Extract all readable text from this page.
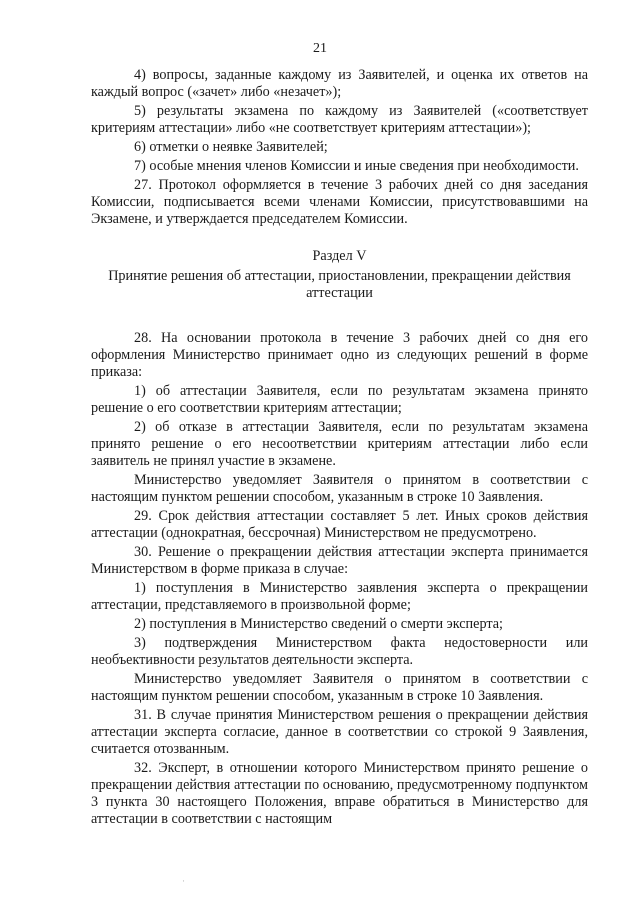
21

4) вопросы, заданные каждому из Заявителей, и оценка их ответов на каждый вопрос («зачет» либо «незачет»);

5) результаты экзамена по каждому из Заявителей («соответствует критериям аттестации» либо «не соответствует критериям аттестации»);

6) отметки о неявке Заявителей;

7) особые мнения членов Комиссии и иные сведения при необходимости.

27. Протокол оформляется в течение 3 рабочих дней со дня заседания Комиссии, подписывается всеми членами Комиссии, присутствовавшими на Экзамене, и утверждается председателем Комиссии.

Раздел V
Принятие решения об аттестации, приостановлении, прекращении действия аттестации

28. На основании протокола в течение 3 рабочих дней со дня его оформления Министерство принимает одно из следующих решений в форме приказа:

1) об аттестации Заявителя, если по результатам экзамена принято решение о его соответствии критериям аттестации;

2) об отказе в аттестации Заявителя, если по результатам экзамена принято решение о его несоответствии критериям аттестации либо если заявитель не принял участие в экзамене.

Министерство уведомляет Заявителя о принятом в соответствии с настоящим пунктом решении способом, указанным в строке 10 Заявления.

29. Срок действия аттестации составляет 5 лет. Иных сроков действия аттестации (однократная, бессрочная) Министерством не предусмотрено.

30. Решение о прекращении действия аттестации эксперта принимается Министерством в форме приказа в случае:

1) поступления в Министерство заявления эксперта о прекращении аттестации, представляемого в произвольной форме;

2) поступления в Министерство сведений о смерти эксперта;

3) подтверждения Министерством факта недостоверности или необъективности результатов деятельности эксперта.

Министерство уведомляет Заявителя о принятом в соответствии с настоящим пунктом решении способом, указанным в строке 10 Заявления.

31. В случае принятия Министерством решения о прекращении действия аттестации эксперта согласие, данное в соответствии со строкой 9 Заявления, считается отозванным.

32. Эксперт, в отношении которого Министерством принято решение о прекращении действия аттестации по основанию, предусмотренному подпунктом 3 пункта 30 настоящего Положения, вправе обратиться в Министерство для аттестации в соответствии с настоящим

·
